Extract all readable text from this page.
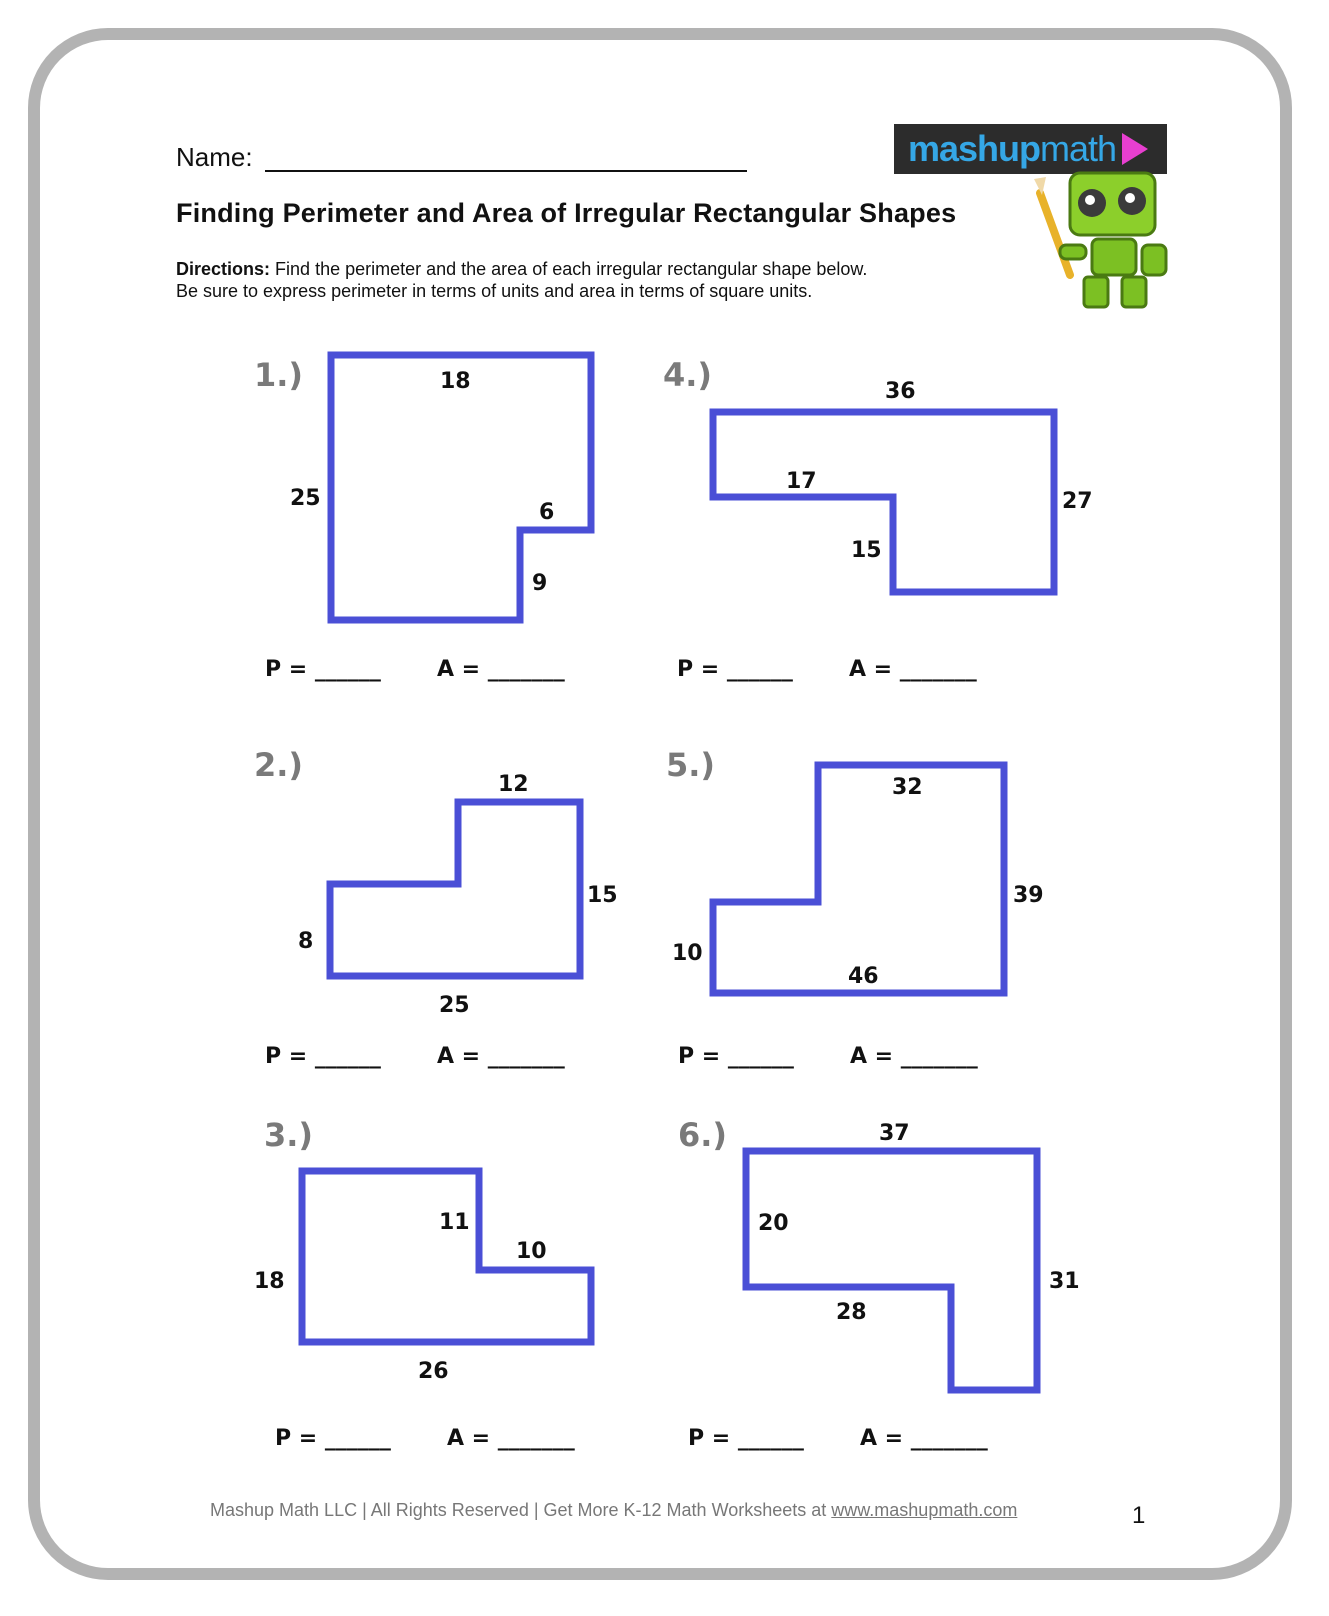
Name:	mashupmath
Finding Perimeter and Area of Irregular Rectangular Shapes
Directions: Find the perimeter and the area of each irregular rectangular shape below.
Be sure to express perimeter in terms of units and area in terms of square units.
1.)	18
25
6
9
P = ______	A = _______
2.)
12
15
8
25
P = ______	A = _______
3.)
11
10
18
26
P = ______	A = _______
4.)	36
17
27
15
P = ______	A = _______
5.)
32
39
10
46
P = ______	A = _______
6.)	37
20
31
28
P = ______	A = _______
Mashup Math LLC | All Rights Reserved | Get More K-12 Math Worksheets at www.mashupmath.com	1
